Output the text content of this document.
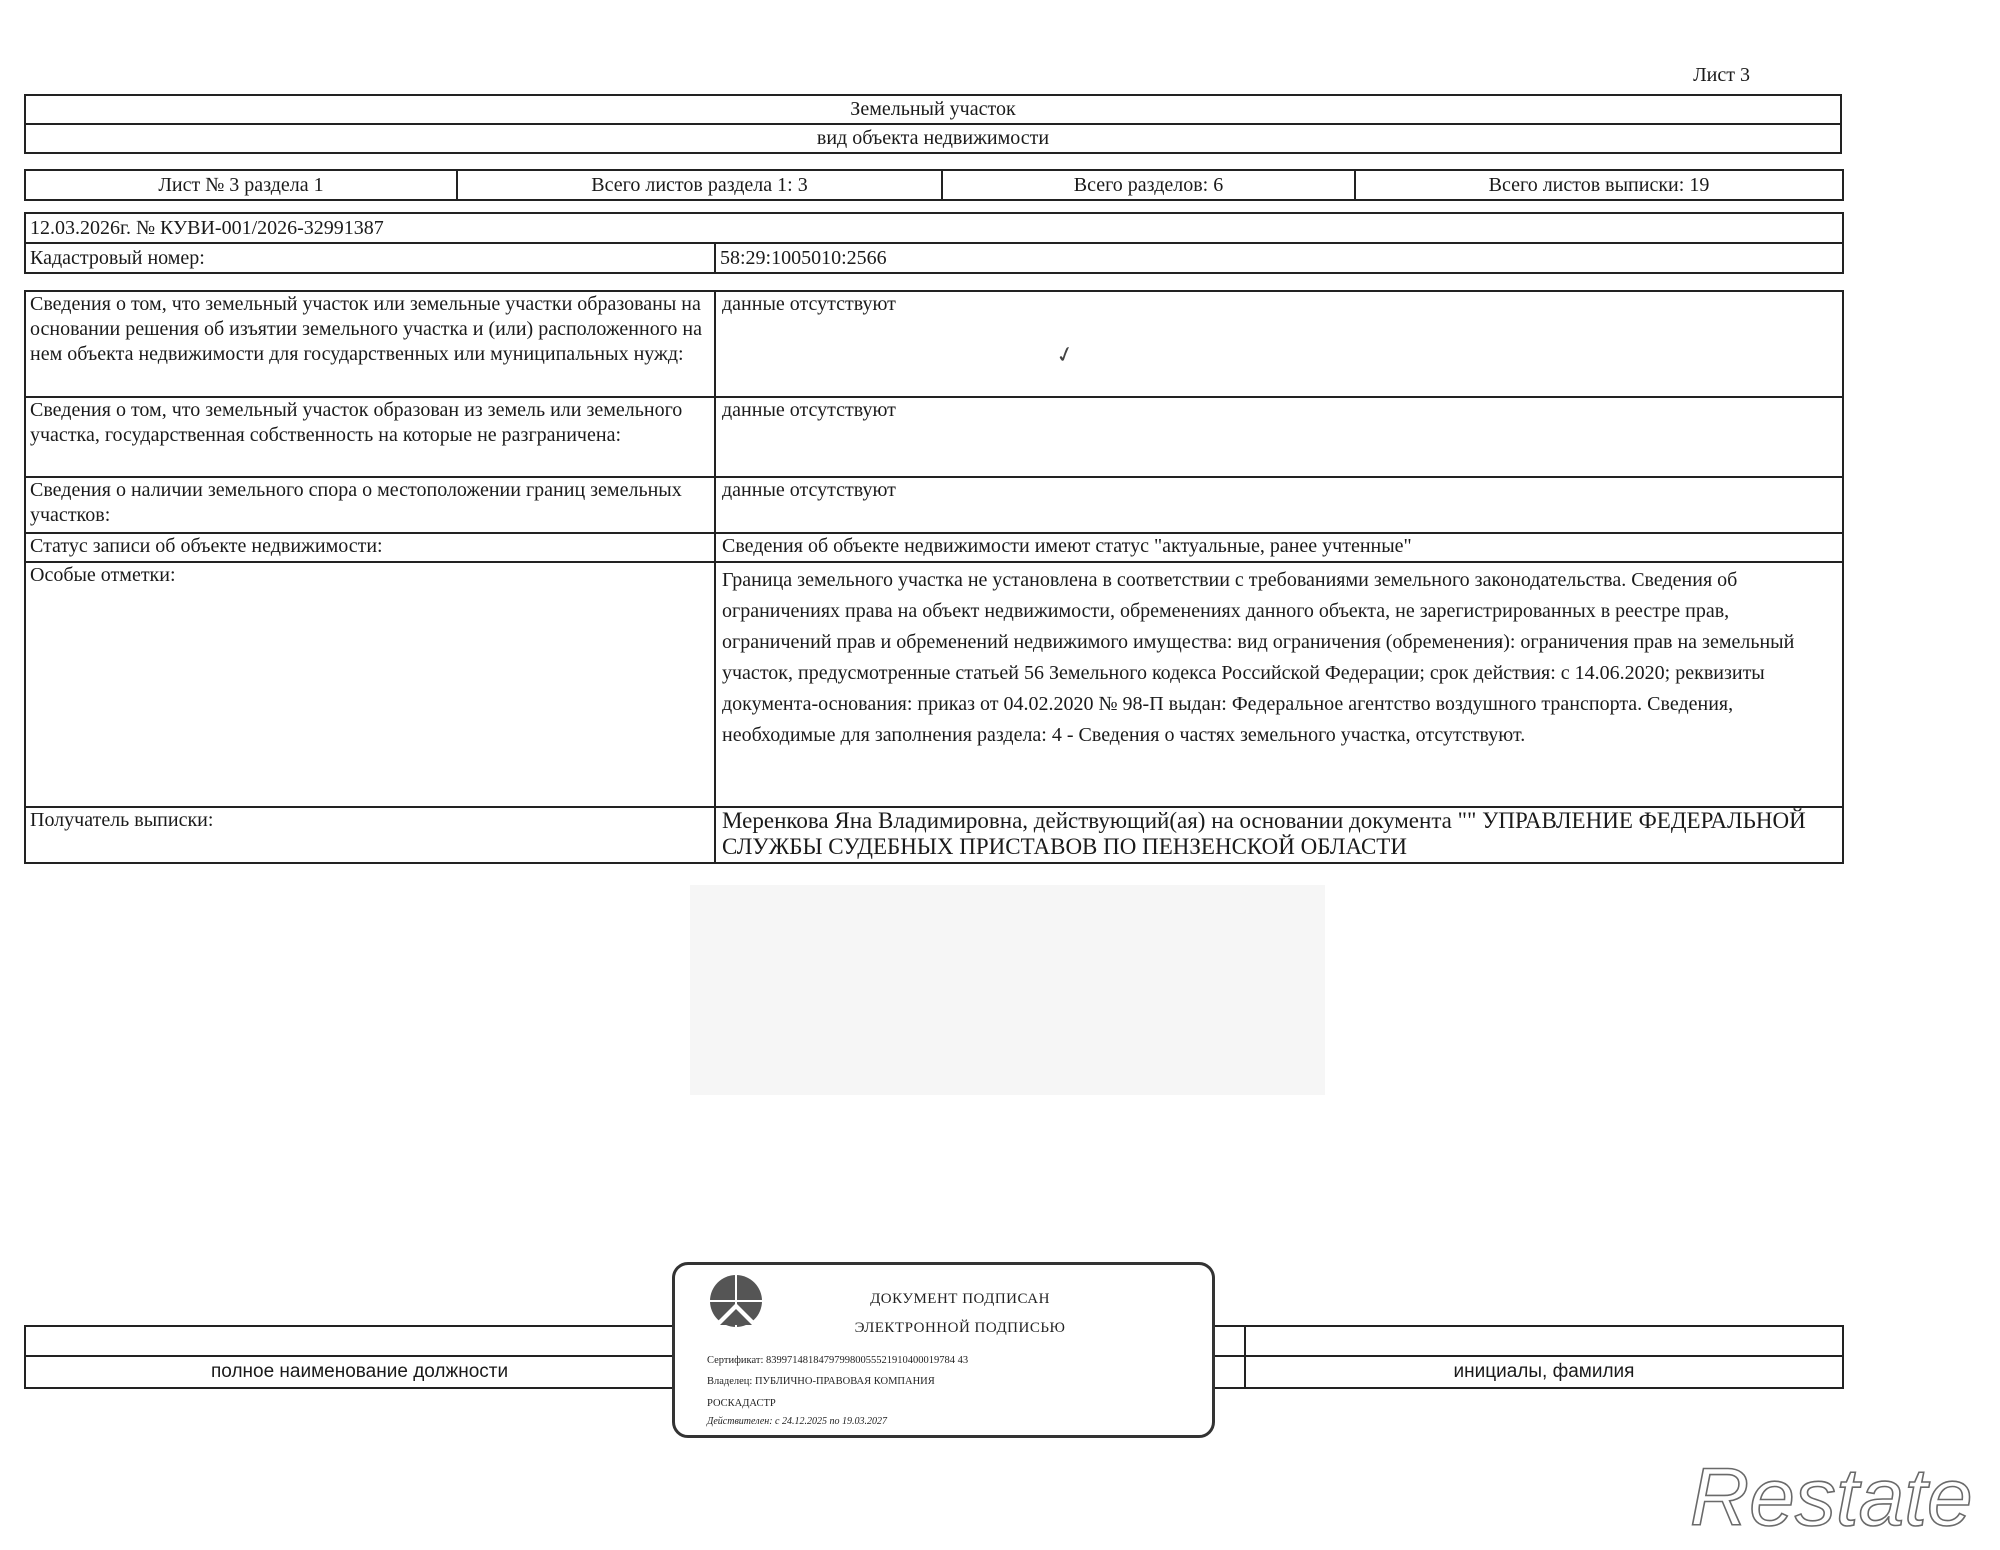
Лист 3
Земельный участок
вид объекта недвижимости
Лист № 3 раздела 1	Всего листов раздела 1: 3	Всего разделов: 6	Всего листов выписки: 19
12.03.2026г. № КУВИ-001/2026-32991387
Кадастровый номер:	58:29:1005010:2566
Сведения о том, что земельный участок или земельные участки образованы на основании решения об изъятии земельного участка и (или) расположенного на нем объекта недвижимости для государственных или муниципальных нужд:	данные отсутствуют
Сведения о том, что земельный участок образован из земель или земельного участка, государственная собственность на которые не разграничена:	данные отсутствуют
Сведения о наличии земельного спора о местоположении границ земельных участков:	данные отсутствуют
Статус записи об объекте недвижимости:	Сведения об объекте недвижимости имеют статус "актуальные, ранее учтенные"
Особые отметки:	Граница земельного участка не установлена в соответствии с требованиями земельного законодательства. Сведения об ограничениях права на объект недвижимости, обременениях данного объекта, не зарегистрированных в реестре прав, ограничений прав и обременений недвижимого имущества: вид ограничения (обременения): ограничения прав на земельный участок, предусмотренные статьей 56 Земельного кодекса Российской Федерации; срок действия: с 14.06.2020; реквизиты документа-основания: приказ от 04.02.2020 № 98-П выдан: Федеральное агентство воздушного транспорта. Сведения, необходимые для заполнения раздела: 4 - Сведения о частях земельного участка, отсутствуют.
Получатель выписки:	Меренкова Яна Владимировна, действующий(ая) на основании документа "" УПРАВЛЕНИЕ ФЕДЕРАЛЬНОЙ СЛУЖБЫ СУДЕБНЫХ ПРИСТАВОВ ПО ПЕНЗЕНСКОЙ ОБЛАСТИ
✓

полное наименование должности	инициалы, фамилия
ДОКУМЕНТ ПОДПИСАН
ЭЛЕКТРОННОЙ ПОДПИСЬЮ
Сертификат: 839971481847979980055521910400019784 43
Владелец: ПУБЛИЧНО-ПРАВОВАЯ КОМПАНИЯ
РОСКАДАСТР
Действителен: с 24.12.2025 по 19.03.2027
Restate
